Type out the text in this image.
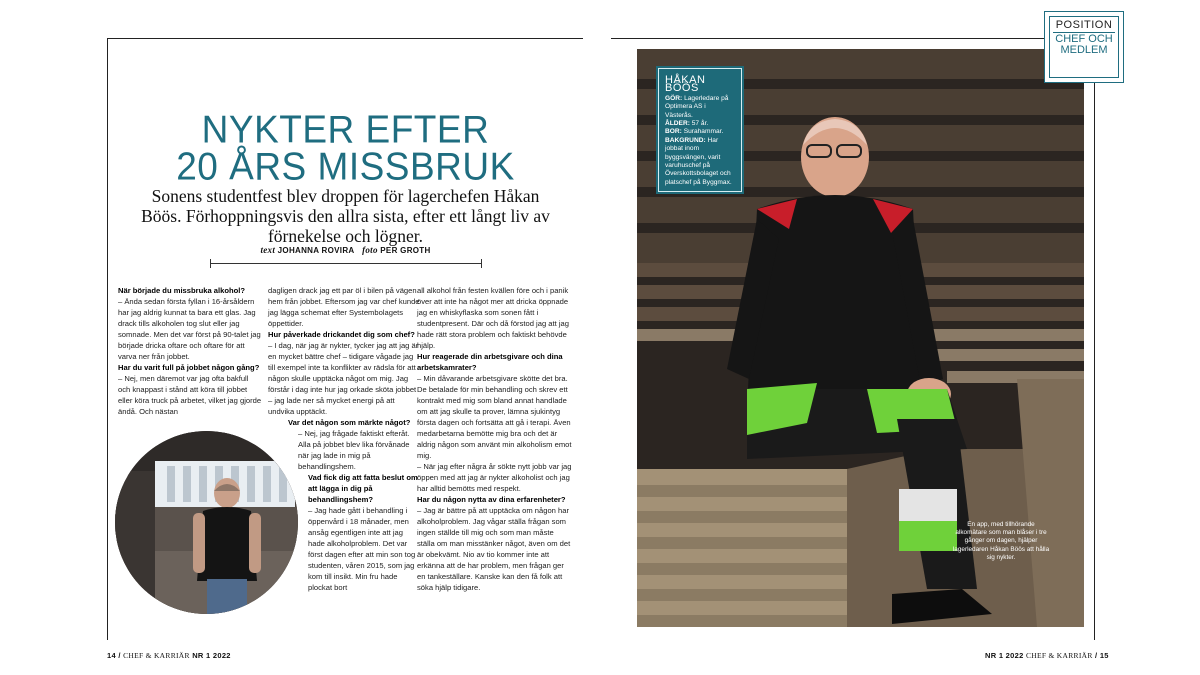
NYKTER EFTER
20 ÅRS MISSBRUK
Sonens studentfest blev droppen för lagerchefen Håkan Böös. Förhoppningsvis den allra sista, efter ett långt liv av förnekelse och lögner.
text JOHANNA ROVIRA foto PER GROTH

När började du missbruka alkohol?

– Ända sedan första fyllan i 16-årsåldern har jag aldrig kunnat ta bara ett glas. Jag drack tills alkoholen tog slut eller jag somnade. Men det var först på 90-talet jag började dricka oftare och oftare för att varva ner från jobbet.

Har du varit full på jobbet någon gång?

– Nej, men däremot var jag ofta bakfull och knappast i stånd att köra till jobbet eller köra truck på arbetet, vilket jag gjorde ändå. Och nästan

dagligen drack jag ett par öl i bilen på vägen hem från jobbet. Eftersom jag var chef kunde jag lägga schemat efter Systembolagets öppettider.

Hur påverkade drickandet dig som chef?

– I dag, när jag är nykter, tycker jag att jag är en mycket bättre chef – tidigare vågade jag till exempel inte ta konflikter av rädsla för att någon skulle upptäcka något om mig. Jag förstår i dag inte hur jag orkade sköta jobbet – jag lade ner så mycket energi på att undvika upptäckt.

Var det någon som märkte något?

– Nej, jag frågade faktiskt efteråt. Alla på jobbet blev lika förvånade när jag lade in mig på behandlingshem.

Vad fick dig att fatta beslut om att lägga in dig på behandlingshem?

– Jag hade gått i behandling i öppenvård i 18 månader, men ansåg egentligen inte att jag hade alkoholproblem. Det var först dagen efter att min son tog studenten, våren 2015, som jag kom till insikt. Min fru hade plockat bort

all alkohol från festen kvällen före och i panik över att inte ha något mer att dricka öppnade jag en whiskyflaska som sonen fått i studentpresent. Där och då förstod jag att jag hade rätt stora problem och faktiskt behövde hjälp.

Hur reagerade din arbetsgivare och dina arbetskamrater?

– Min dåvarande arbetsgivare skötte det bra. De betalade för min behandling och skrev ett kontrakt med mig som bland annat handlade om att jag skulle ta prover, lämna sjukintyg första dagen och fortsätta att gå i terapi. Även medarbetarna bemötte mig bra och det är aldrig någon som använt min alkoholism emot mig.

– När jag efter några år sökte nytt jobb var jag öppen med att jag är nykter alkoholist och jag har alltid bemötts med respekt.

Har du någon nytta av dina erfarenheter?

– Jag är bättre på att upptäcka om någon har alkoholproblem. Jag vågar ställa frågan som ingen ställde till mig och som man måste ställa om man misstänker något, även om det är obekvämt. Nio av tio kommer inte att erkänna att de har problem, men frågan ger en tankeställare. Kanske kan den få folk att söka hjälp tidigare.

HÅKAN BÖÖS
GÖR: Lagerledare på Optimera AS i Västerås.
ÅLDER: 57 år.
BOR: Surahammar.
BAKGRUND: Har jobbat inom byggsvängen, varit varuhuschef på Överskottsbolaget och platschef på Byggmax.
En app, med tillhörande alkomätare som man blåser i tre gånger om dagen, hjälper lagerledaren Håkan Böös att hålla sig nykter.
POSITION
CHEF OCH
MEDLEM
14 / CHEF & KARRIÄR NR 1 2022	NR 1 2022 CHEF & KARRIÄR / 15
